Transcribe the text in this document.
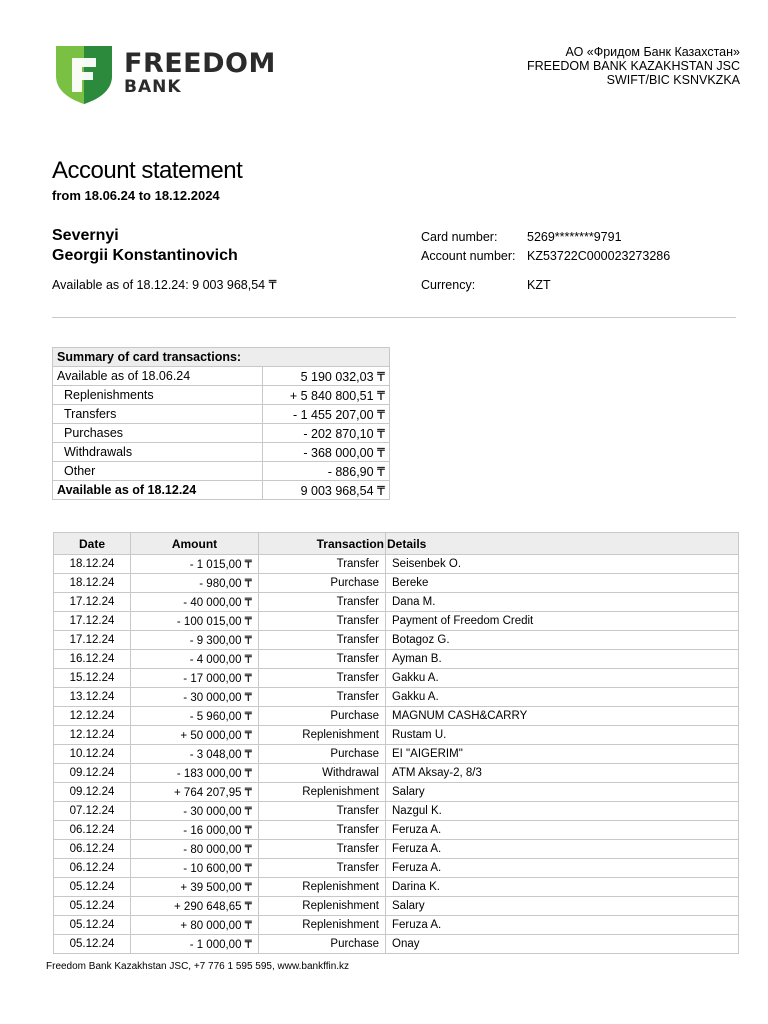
FREEDOM
BANK
АО «Фридом Банк Казахстан»
FREEDOM BANK KAZAKHSTAN JSC
SWIFT/BIC KSNVKZKA
Account statement
from 18.06.24 to 18.12.2024
Severnyi
Georgii Konstantinovich
Available as of 18.12.24: 9 003 968,54 ₸
Card number: 5269********9791
Account number: KZ53722C000023273286
Currency:	KZT
Summary of card transactions:	
Available as of 18.06.24	5 190 032,03 ₸
Replenishments	+ 5 840 800,51 ₸
Transfers	- 1 455 207,00 ₸
Purchases	- 202 870,10 ₸
Withdrawals	- 368 000,00 ₸
Other	- 886,90 ₸
Available as of 18.12.24	9 003 968,54 ₸
Date	Amount	Transaction	Details
18.12.24	- 1 015,00 ₸	Transfer	Seisenbek O.
18.12.24	- 980,00 ₸	Purchase	Bereke
17.12.24	- 40 000,00 ₸	Transfer	Dana M.
17.12.24	- 100 015,00 ₸	Transfer	Payment of Freedom Credit
17.12.24	- 9 300,00 ₸	Transfer	Botagoz G.
16.12.24	- 4 000,00 ₸	Transfer	Ayman B.
15.12.24	- 17 000,00 ₸	Transfer	Gakku A.
13.12.24	- 30 000,00 ₸	Transfer	Gakku A.
12.12.24	- 5 960,00 ₸	Purchase	MAGNUM CASH&CARRY
12.12.24	+ 50 000,00 ₸	Replenishment	Rustam U.
10.12.24	- 3 048,00 ₸	Purchase	EI "AIGERIM"
09.12.24	- 183 000,00 ₸	Withdrawal	ATM Aksay-2, 8/3
09.12.24	+ 764 207,95 ₸	Replenishment	Salary
07.12.24	- 30 000,00 ₸	Transfer	Nazgul K.
06.12.24	- 16 000,00 ₸	Transfer	Feruza A.
06.12.24	- 80 000,00 ₸	Transfer	Feruza A.
06.12.24	- 10 600,00 ₸	Transfer	Feruza A.
05.12.24	+ 39 500,00 ₸	Replenishment	Darina K.
05.12.24	+ 290 648,65 ₸	Replenishment	Salary
05.12.24	+ 80 000,00 ₸	Replenishment	Feruza A.
05.12.24	- 1 000,00 ₸	Purchase	Onay
Freedom Bank Kazakhstan JSC, +7 776 1 595 595, www.bankffin.kz
